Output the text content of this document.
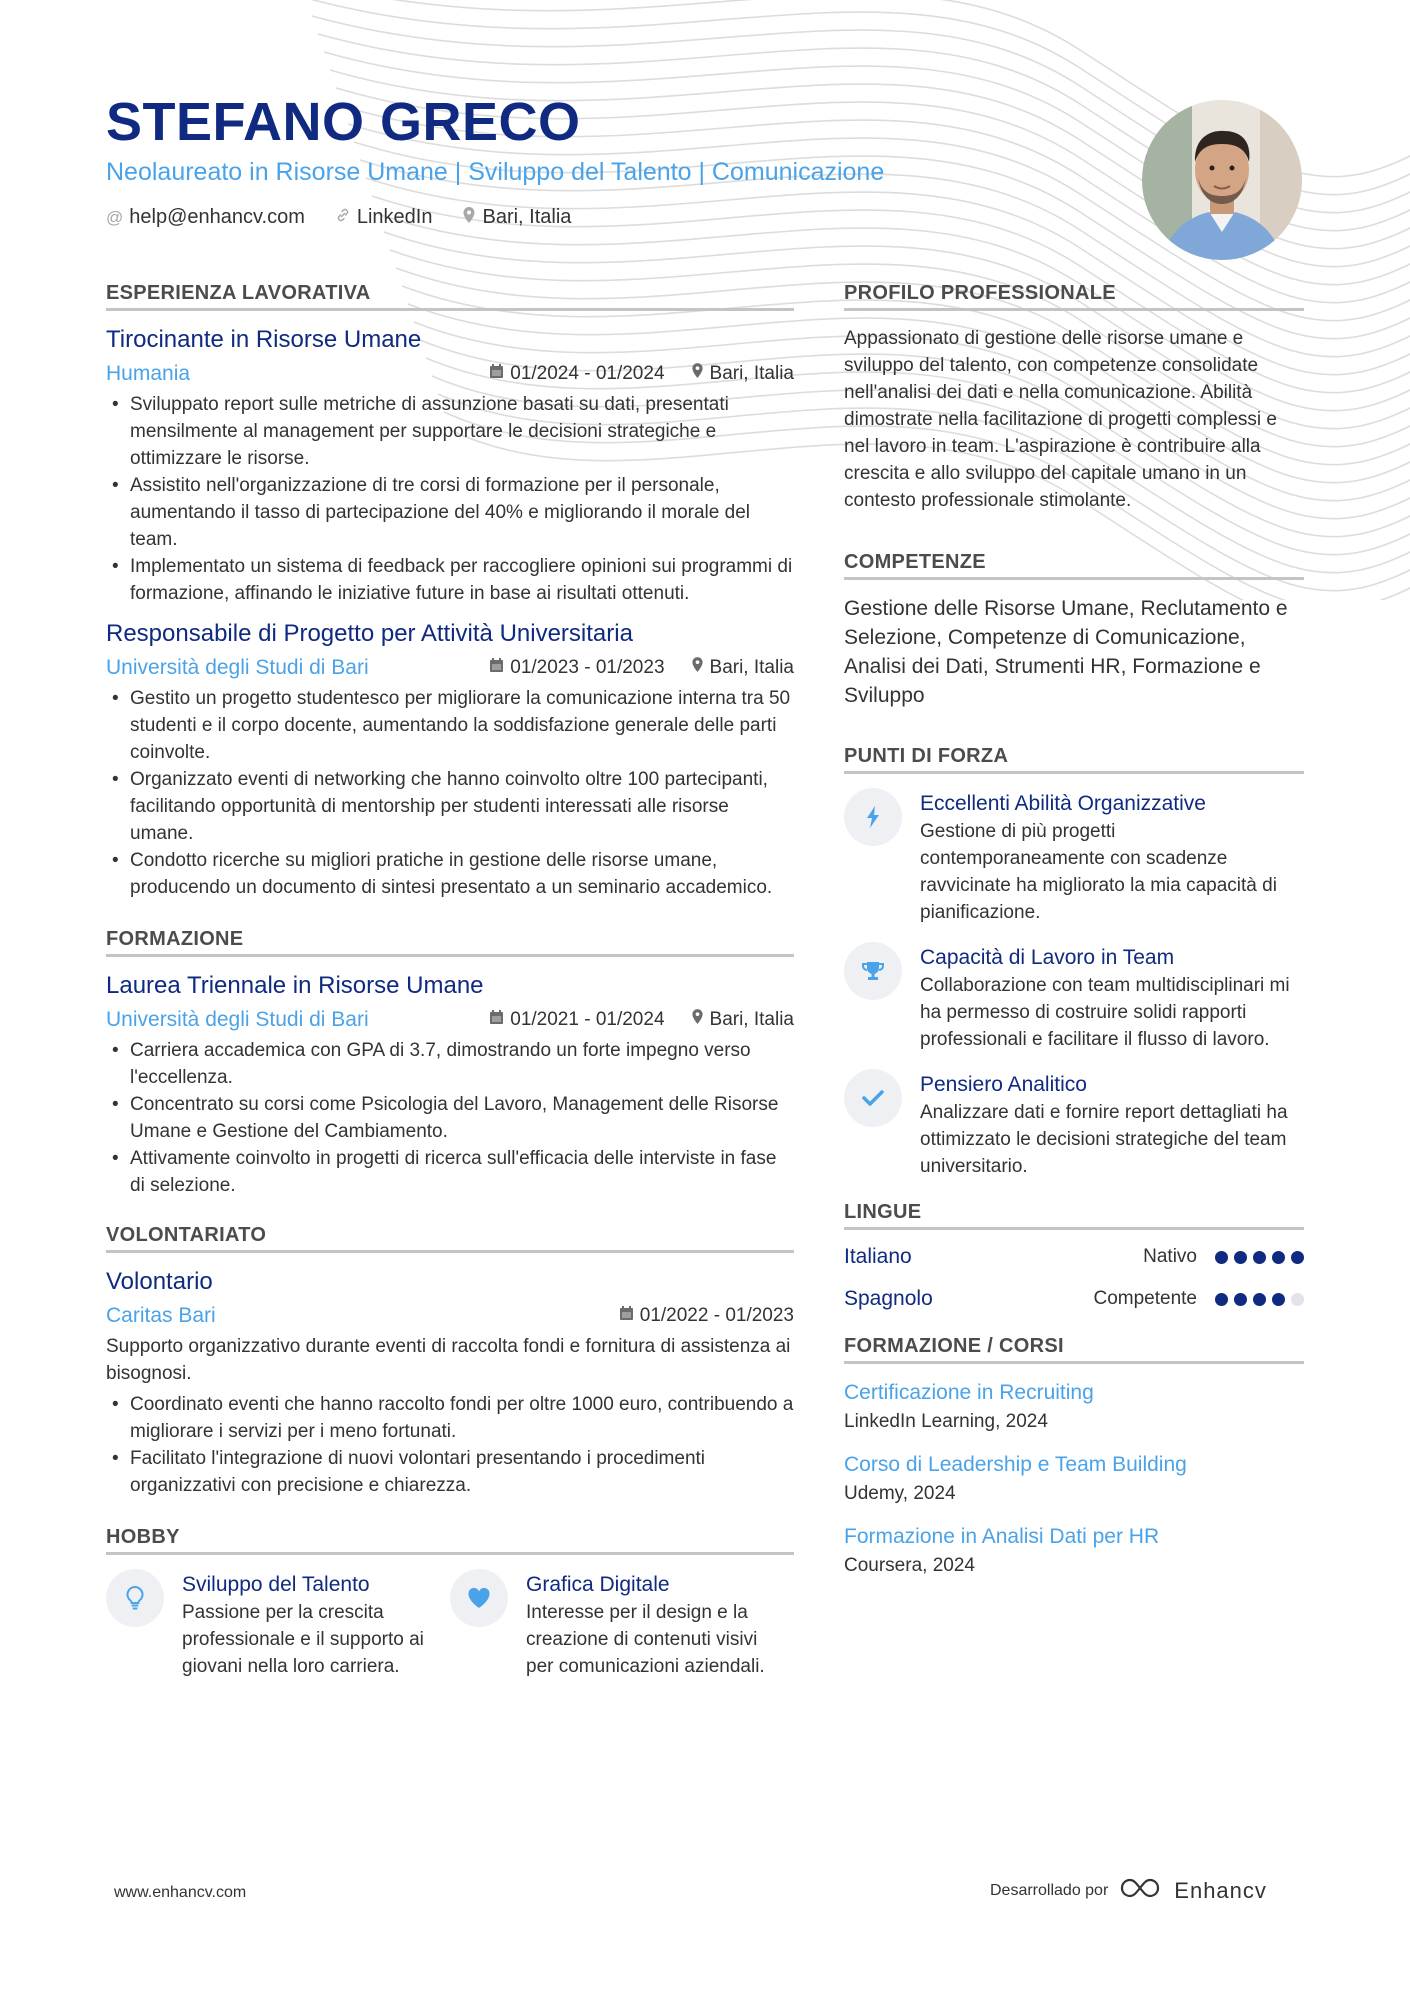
STEFANO GRECO
Neolaureato in Risorse Umane | Sviluppo del Talento | Comunicazione
@ help@enhancv.com	LinkedIn	Bari, Italia
ESPERIENZA LAVORATIVA
Tirocinante in Risorse Umane
Humania	01/2024 - 01/2024 Bari, Italia
• Sviluppato report sulle metriche di assunzione basati su dati, presentati mensilmente al management per supportare le decisioni strategiche e ottimizzare le risorse.
• Assistito nell'organizzazione di tre corsi di formazione per il personale, aumentando il tasso di partecipazione del 40% e migliorando il morale del team.
• Implementato un sistema di feedback per raccogliere opinioni sui programmi di formazione, affinando le iniziative future in base ai risultati ottenuti.
Responsabile di Progetto per Attività Universitaria
Università degli Studi di Bari	01/2023 - 01/2023 Bari, Italia
• Gestito un progetto studentesco per migliorare la comunicazione interna tra 50 studenti e il corpo docente, aumentando la soddisfazione generale delle parti coinvolte.
• Organizzato eventi di networking che hanno coinvolto oltre 100 partecipanti, facilitando opportunità di mentorship per studenti interessati alle risorse umane.
• Condotto ricerche su migliori pratiche in gestione delle risorse umane, producendo un documento di sintesi presentato a un seminario accademico.
FORMAZIONE
Laurea Triennale in Risorse Umane
Università degli Studi di Bari	01/2021 - 01/2024 Bari, Italia
• Carriera accademica con GPA di 3.7, dimostrando un forte impegno verso l'eccellenza.
• Concentrato su corsi come Psicologia del Lavoro, Management delle Risorse Umane e Gestione del Cambiamento.
• Attivamente coinvolto in progetti di ricerca sull'efficacia delle interviste in fase di selezione.
VOLONTARIATO
Volontario
Caritas Bari	01/2022 - 01/2023
Supporto organizzativo durante eventi di raccolta fondi e fornitura di assistenza ai bisognosi.
• Coordinato eventi che hanno raccolto fondi per oltre 1000 euro, contribuendo a migliorare i servizi per i meno fortunati.
• Facilitato l'integrazione di nuovi volontari presentando i procedimenti organizzativi con precisione e chiarezza.
HOBBY
Sviluppo del Talento
Passione per la crescita professionale e il supporto ai giovani nella loro carriera.
Grafica Digitale
Interesse per il design e la creazione di contenuti visivi per comunicazioni aziendali.
PROFILO PROFESSIONALE
Appassionato di gestione delle risorse umane e sviluppo del talento, con competenze consolidate nell'analisi dei dati e nella comunicazione. Abilità dimostrate nella facilitazione di progetti complessi e nel lavoro in team. L'aspirazione è contribuire alla crescita e allo sviluppo del capitale umano in un contesto professionale stimolante.
COMPETENZE
Gestione delle Risorse Umane, Reclutamento e Selezione, Competenze di Comunicazione, Analisi dei Dati, Strumenti HR, Formazione e Sviluppo
PUNTI DI FORZA
Eccellenti Abilità Organizzative
Gestione di più progetti contemporaneamente con scadenze ravvicinate ha migliorato la mia capacità di pianificazione.
Capacità di Lavoro in Team
Collaborazione con team multidisciplinari mi ha permesso di costruire solidi rapporti professionali e facilitare il flusso di lavoro.
Pensiero Analitico
Analizzare dati e fornire report dettagliati ha ottimizzato le decisioni strategiche del team universitario.
LINGUE
Italiano	Nativo
Spagnolo	Competente
FORMAZIONE / CORSI
Certificazione in Recruiting
LinkedIn Learning, 2024
Corso di Leadership e Team Building
Udemy, 2024
Formazione in Analisi Dati per HR
Coursera, 2024
www.enhancv.com	Desarrollado por	Enhancv
